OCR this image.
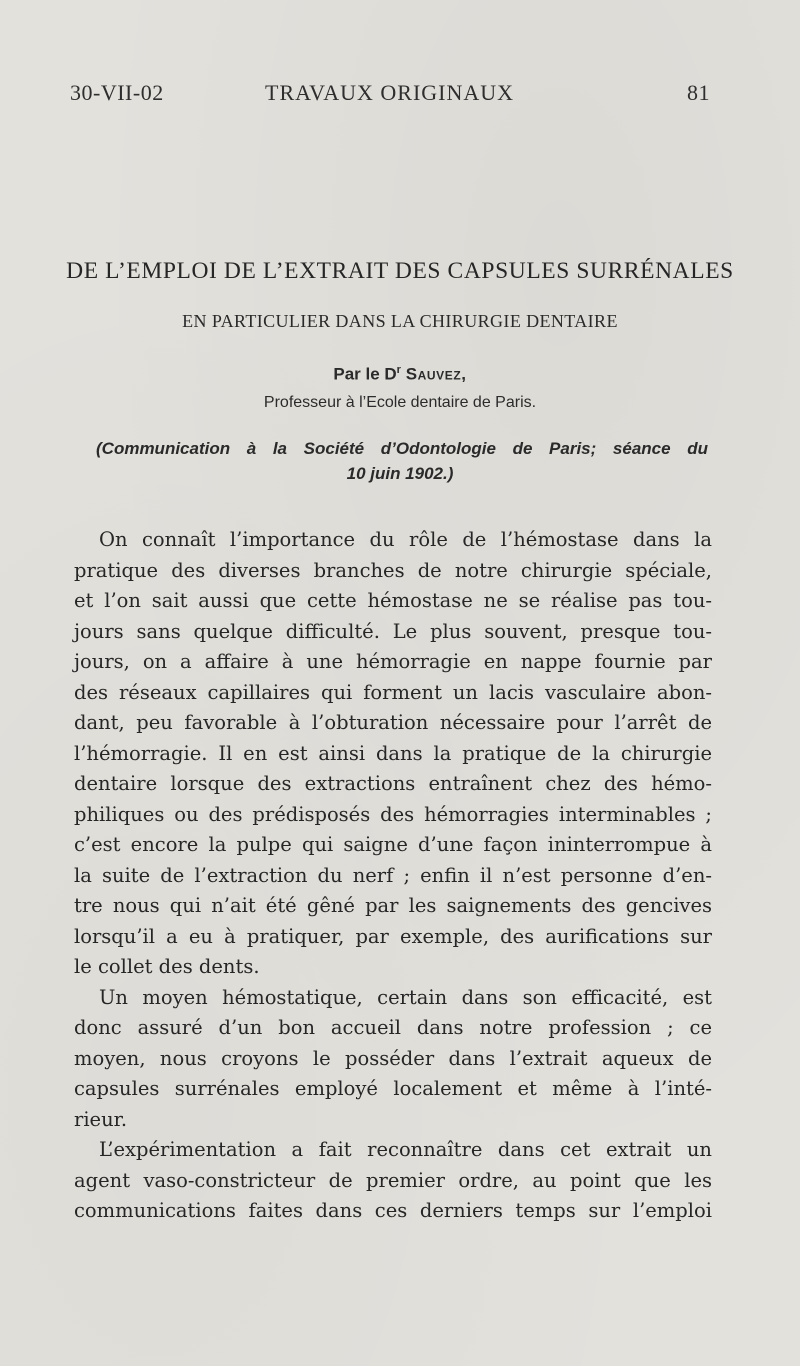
30-VII-02	TRAVAUX ORIGINAUX	81
DE L’EMPLOI DE L’EXTRAIT DES CAPSULES SURRÉNALES
EN PARTICULIER DANS LA CHIRURGIE DENTAIRE
Par le $D^r$ Sauvez,
Professeur à l’Ecole dentaire de Paris.
(Communication à la Société d’Odontologie de Paris; séance du
10 juin 1902.)
On connaît l’importance du rôle de l’hémostase dans la
pratique des diverses branches de notre chirurgie spéciale,
et l’on sait aussi que cette hémostase ne se réalise pas tou-
jours sans quelque difficulté. Le plus souvent, presque tou-
jours, on a affaire à une hémorragie en nappe fournie par
des réseaux capillaires qui forment un lacis vasculaire abon-
dant, peu favorable à l’obturation nécessaire pour l’arrêt de
l’hémorragie. Il en est ainsi dans la pratique de la chirurgie
dentaire lorsque des extractions entraînent chez des hémo-
philiques ou des prédisposés des hémorragies interminables ;
c’est encore la pulpe qui saigne d’une façon ininterrompue à
la suite de l’extraction du nerf ; enfin il n’est personne d’en-
tre nous qui n’ait été gêné par les saignements des gencives
lorsqu’il a eu à pratiquer, par exemple, des aurifications sur
le collet des dents.
Un moyen hémostatique, certain dans son efficacité, est
donc assuré d’un bon accueil dans notre profession ; ce
moyen, nous croyons le posséder dans l’extrait aqueux de
capsules surrénales employé localement et même à l’inté-
rieur.
L’expérimentation a fait reconnaître dans cet extrait un
agent vaso-constricteur de premier ordre, au point que les
communications faites dans ces derniers temps sur l’emploi
